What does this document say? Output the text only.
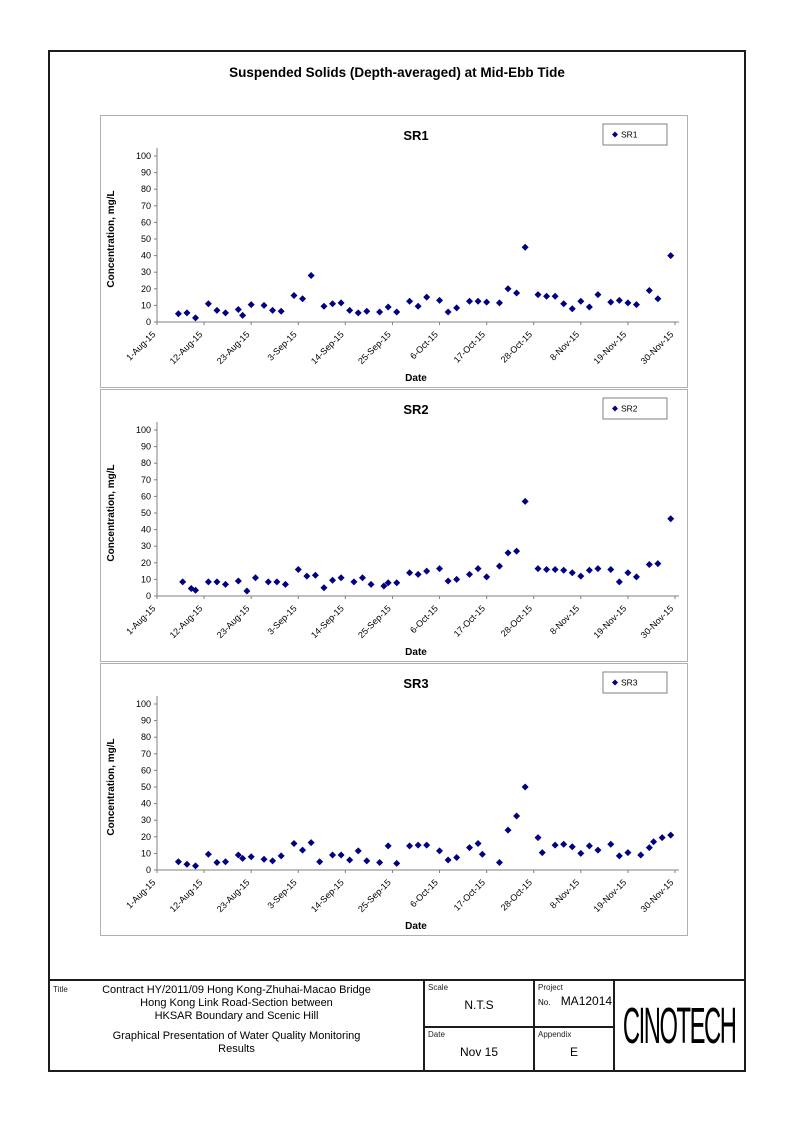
Suspended Solids (Depth-averaged) at Mid-Ebb Tide
SR1	SR1
0
10
20
30
40
50
60
70
80
90
100
1-Aug-15 12-Aug-15 23-Aug-15 3-Sep-15 14-Sep-15 25-Sep-15 6-Oct-15 17-Oct-15 28-Oct-15 8-Nov-15 19-Nov-15 30-Nov-15
Date
Concentration, mg/L
SR2	SR2
0
10
20
30
40
50
60
70
80
90
100
1-Aug-15 12-Aug-15 23-Aug-15 3-Sep-15 14-Sep-15 25-Sep-15 6-Oct-15 17-Oct-15 28-Oct-15 8-Nov-15 19-Nov-15 30-Nov-15
Date
Concentration, mg/L
SR3	SR3
0
10
20
30
40
50
60
70
80
90
100
1-Aug-15 12-Aug-15 23-Aug-15 3-Sep-15 14-Sep-15 25-Sep-15 6-Oct-15 17-Oct-15 28-Oct-15 8-Nov-15 19-Nov-15 30-Nov-15
Date
Concentration, mg/L
Title	Contract HY/2011/09 Hong Kong-Zhuhai-Macao Bridge
Hong Kong Link Road-Section between
HKSAR Boundary and Scenic Hill
Graphical Presentation of Water Quality Monitoring
Results
Scale
N.T.S
Project
No. MA12014
Date
Nov 15
Appendix
E	CINOTECH
